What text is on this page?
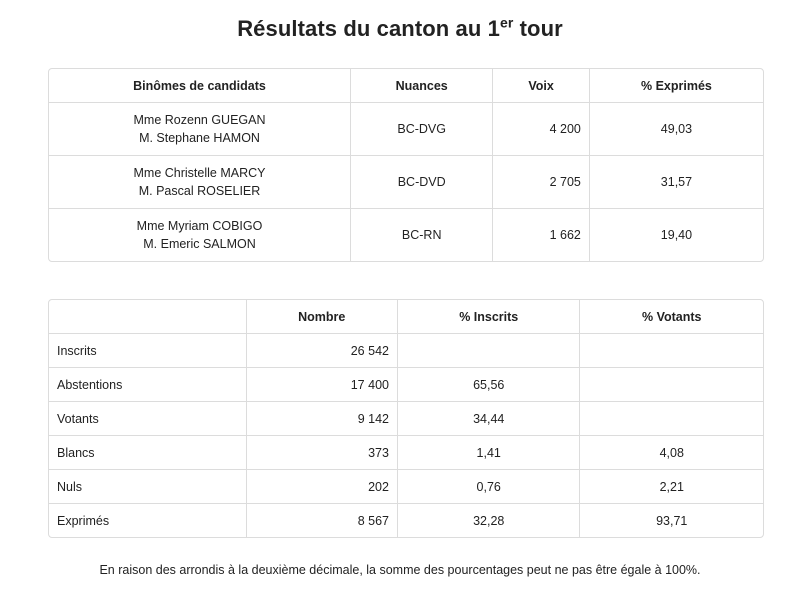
Résultats du canton au 1er tour
Binômes de candidats	Nuances	Voix	% Exprimés

Mme Rozenn GUEGAN
M. Stephane HAMON	BC-DVG	4 200	49,03

Mme Christelle MARCY
M. Pascal ROSELIER	BC-DVD	2 705	31,57

Mme Myriam COBIGO
M. Emeric SALMON	BC-RN	1 662	19,40
	Nombre	% Inscrits	% Votants
Inscrits	26 542		
Abstentions	17 400	65,56	
Votants	9 142	34,44	
Blancs	373	1,41	4,08
Nuls	202	0,76	2,21
Exprimés	8 567	32,28	93,71
En raison des arrondis à la deuxième décimale, la somme des pourcentages peut ne pas être égale à 100%.
